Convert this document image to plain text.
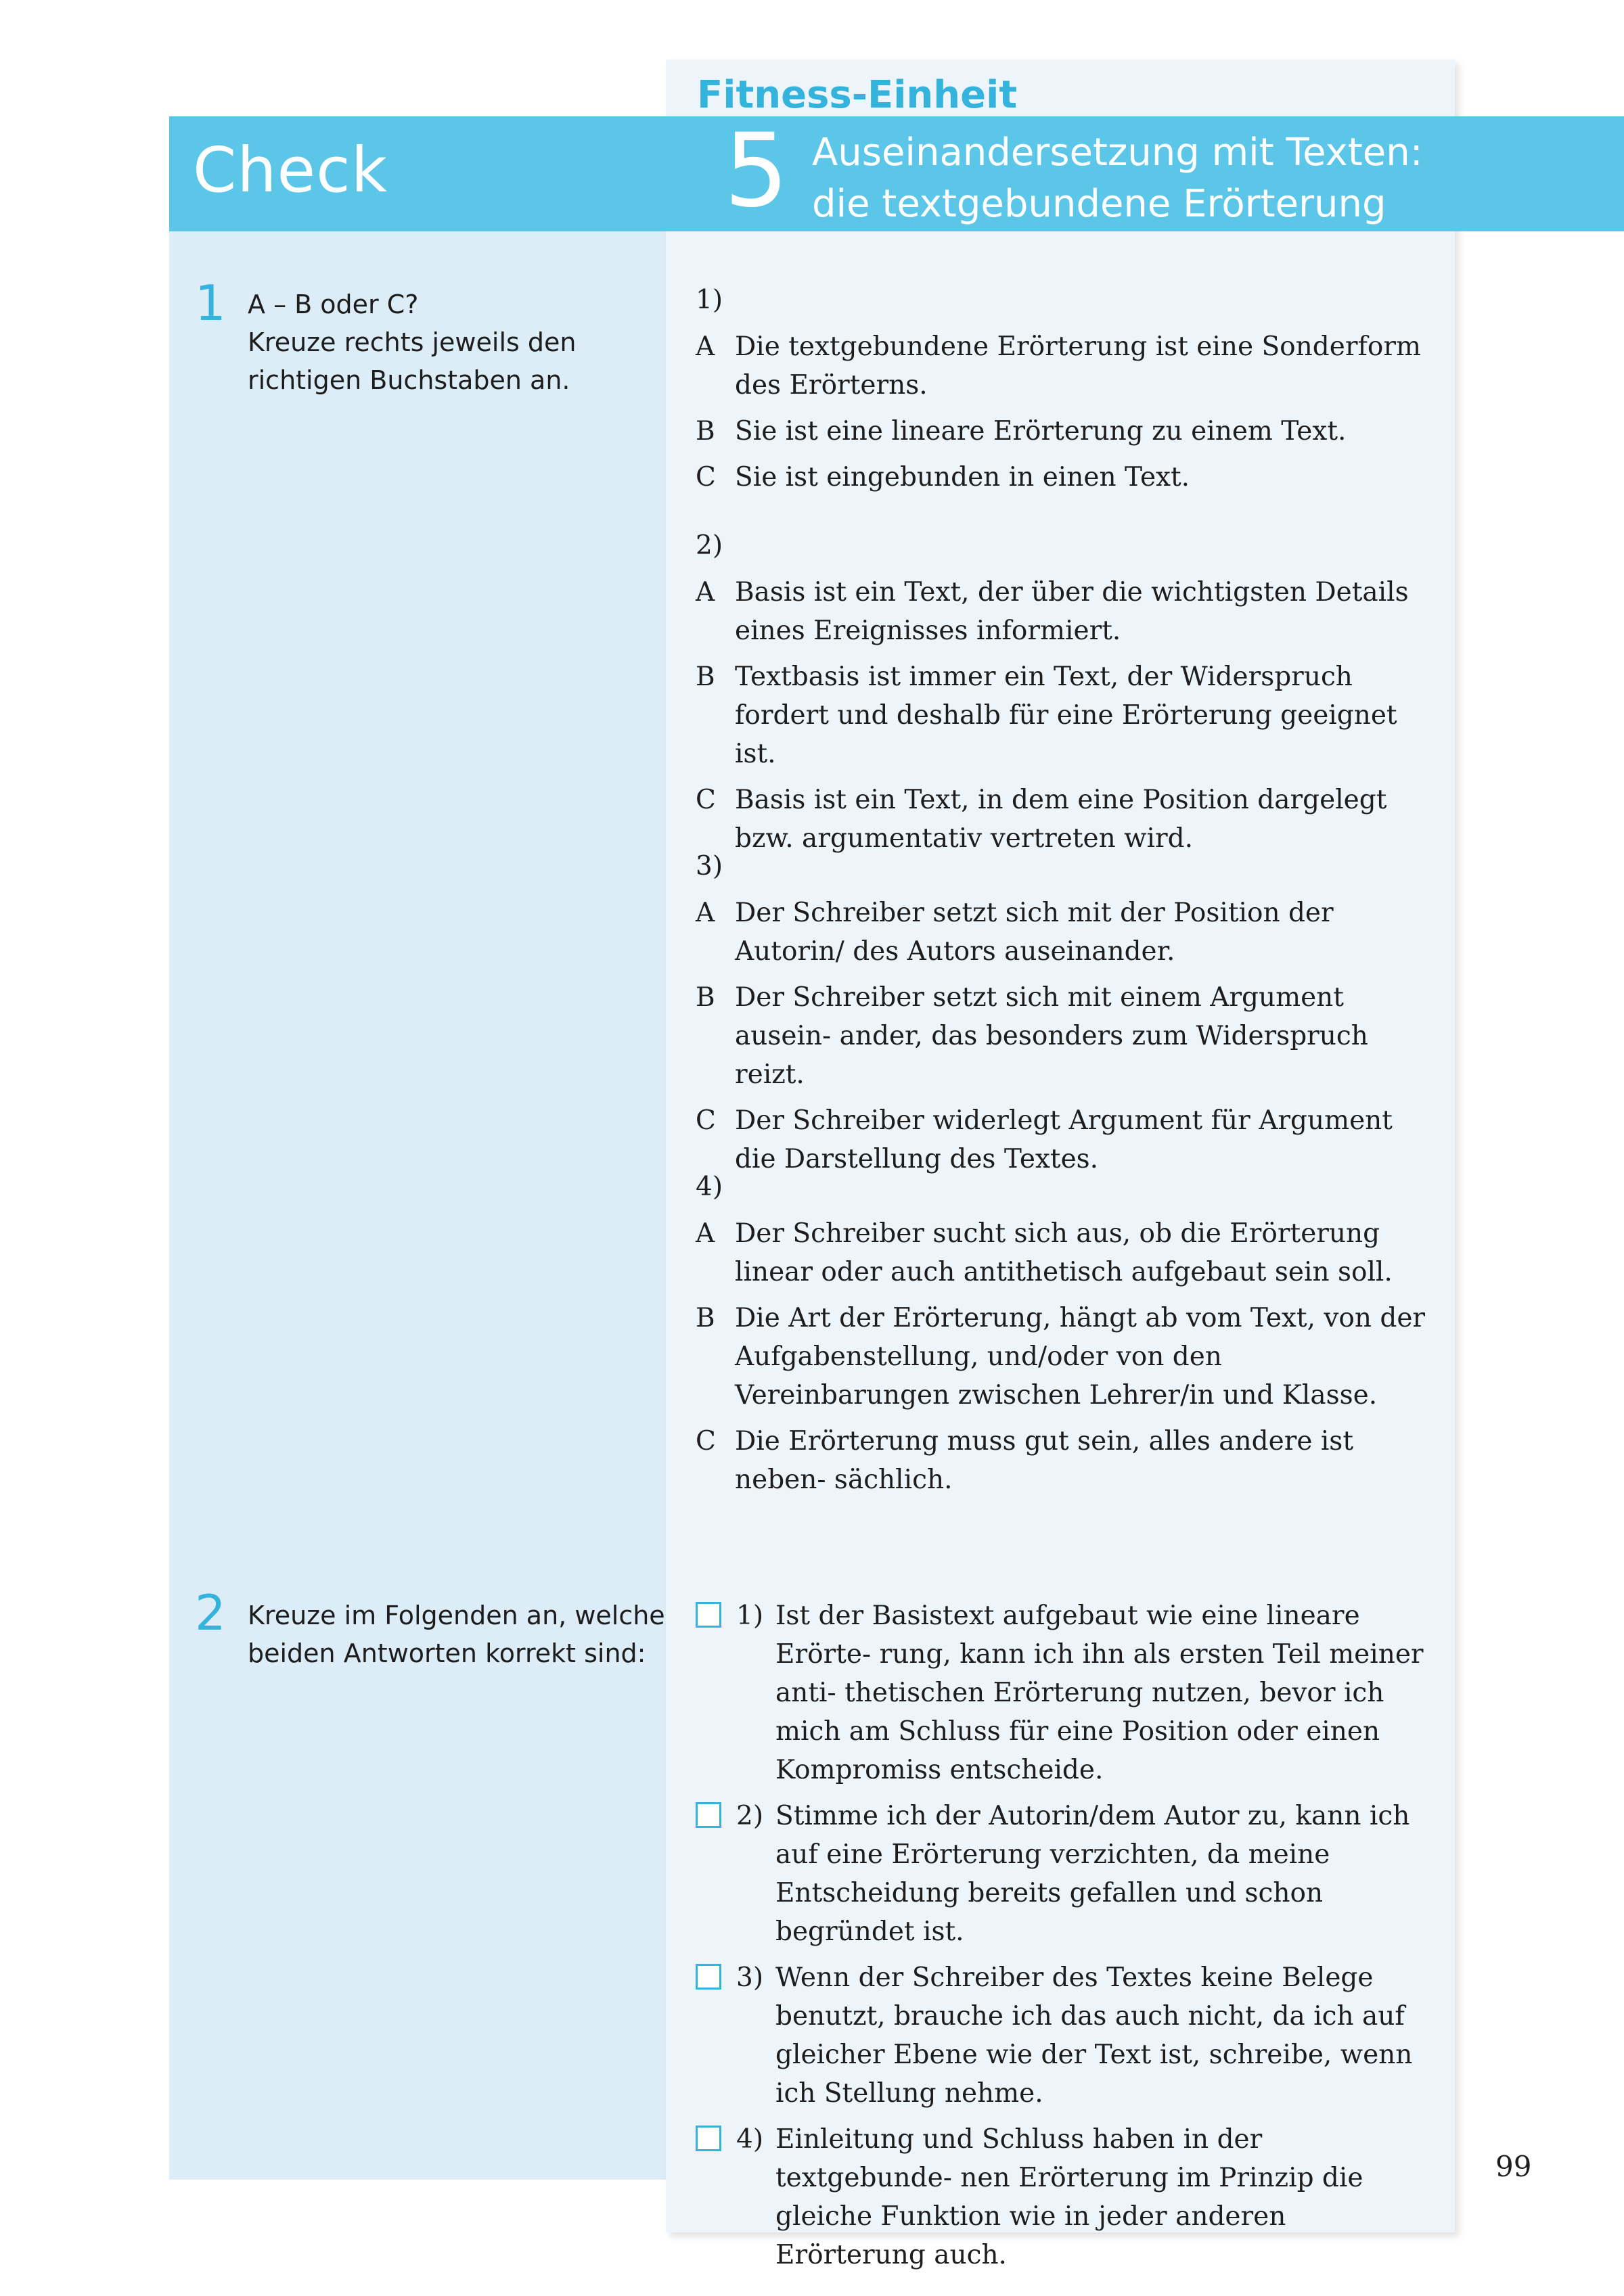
Check
Fitness-Einheit
5 Auseinandersetzung mit Texten:
die textgebundene Erörterung
1 A – B oder C?
Kreuze rechts jeweils den
richtigen Buchstaben an.
2 Kreuze im Folgenden an, welche
beiden Antworten korrekt sind:
1)
A Die textgebundene Erörterung ist eine Sonderform des Erörterns.
B Sie ist eine lineare Erörterung zu einem Text.
C Sie ist eingebunden in einen Text.
2)
A Basis ist ein Text, der über die wichtigsten Details eines Ereignisses informiert.
B Textbasis ist immer ein Text, der Widerspruch fordert und deshalb für eine Erörterung geeignet ist.
C Basis ist ein Text, in dem eine Position dargelegt bzw. argumentativ vertreten wird.
3)
A Der Schreiber setzt sich mit der Position der Autorin/ des Autors auseinander.
B Der Schreiber setzt sich mit einem Argument ausein- ander, das besonders zum Widerspruch reizt.
C Der Schreiber widerlegt Argument für Argument die Darstellung des Textes.
4)
A Der Schreiber sucht sich aus, ob die Erörterung linear oder auch antithetisch aufgebaut sein soll.
B Die Art der Erörterung, hängt ab vom Text, von der Aufgabenstellung, und/oder von den Vereinbarungen zwischen Lehrer/in und Klasse.
C Die Erörterung muss gut sein, alles andere ist neben- sächlich.
1) Ist der Basistext aufgebaut wie eine lineare Erörte- rung, kann ich ihn als ersten Teil meiner anti- thetischen Erörterung nutzen, bevor ich mich am Schluss für eine Position oder einen Kompromiss entscheide.
2) Stimme ich der Autorin/dem Autor zu, kann ich auf eine Erörterung verzichten, da meine Entscheidung bereits gefallen und schon begründet ist.
3) Wenn der Schreiber des Textes keine Belege benutzt, brauche ich das auch nicht, da ich auf gleicher Ebene wie der Text ist, schreibe, wenn ich Stellung nehme.
4) Einleitung und Schluss haben in der textgebunde- nen Erörterung im Prinzip die gleiche Funktion wie in jeder anderen Erörterung auch.
99
